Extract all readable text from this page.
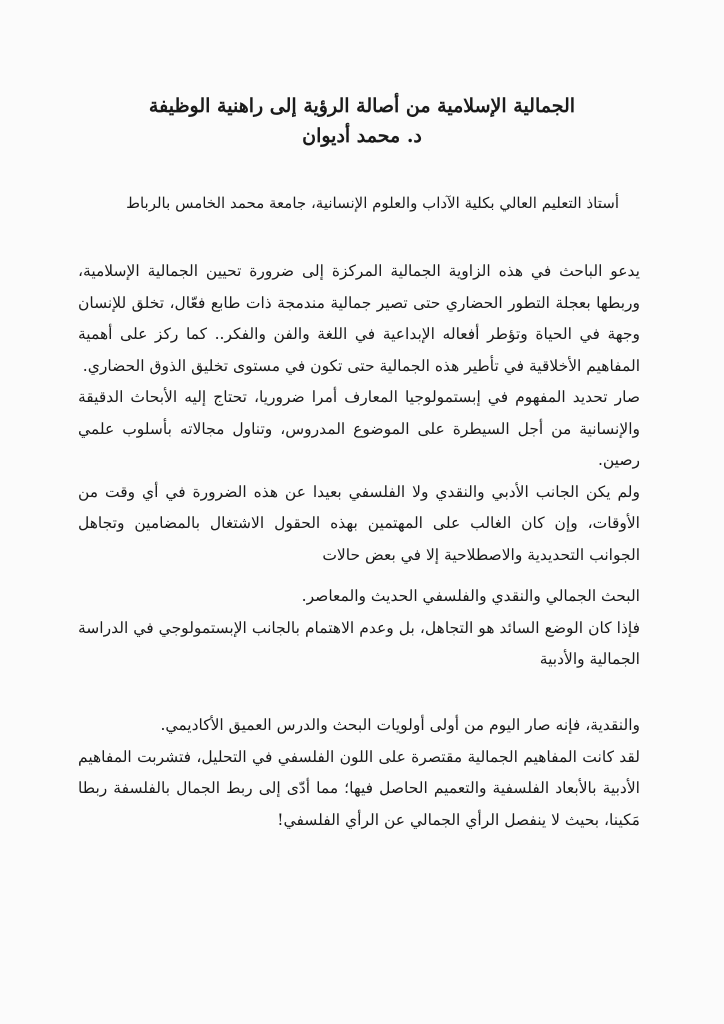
الجمالية الإسلامية من أصالة الرؤية إلى راهنية الوظيفة
د. محمد أديوان
أستاذ التعليم العالي بكلية الآداب والعلوم الإنسانية، جامعة محمد الخامس بالرباط

يدعو الباحث في هذه الزاوية الجمالية المركزة إلى ضرورة تحيين الجمالية الإسلامية، وربطها بعجلة التطور الحضاري حتى تصير جمالية مندمجة ذات طابع فعّال، تخلق للإنسان وجهة في الحياة وتؤطر أفعاله الإبداعية في اللغة والفن والفكر.. كما ركز على أهمية المفاهيم الأخلاقية في تأطير هذه الجمالية حتى تكون في مستوى تخليق الذوق الحضاري.

صار تحديد المفهوم في إبستمولوجيا المعارف أمرا ضروريا، تحتاج إليه الأبحاث الدقيقة والإنسانية من أجل السيطرة على الموضوع المدروس، وتناول مجالاته بأسلوب علمي رصين.

ولم يكن الجانب الأدبي والنقدي ولا الفلسفي بعيدا عن هذه الضرورة في أي وقت من الأوقات، وإن كان الغالب على المهتمين بهذه الحقول الاشتغال بالمضامين وتجاهل الجوانب التحديدية والاصطلاحية إلا في بعض حالات

البحث الجمالي والنقدي والفلسفي الحديث والمعاصر.

فإذا كان الوضع السائد هو التجاهل، بل وعدم الاهتمام بالجانب الإبستمولوجي في الدراسة الجمالية والأدبية

والنقدية، فإنه صار اليوم من أولى أولويات البحث والدرس العميق الأكاديمي.

لقد كانت المفاهيم الجمالية مقتصرة على اللون الفلسفي في التحليل، فتشربت المفاهيم الأدبية بالأبعاد الفلسفية والتعميم الحاصل فيها؛ مما أدّى إلى ربط الجمال بالفلسفة ربطا مَكينا، بحيث لا ينفصل الرأي الجمالي عن الرأي الفلسفي!
